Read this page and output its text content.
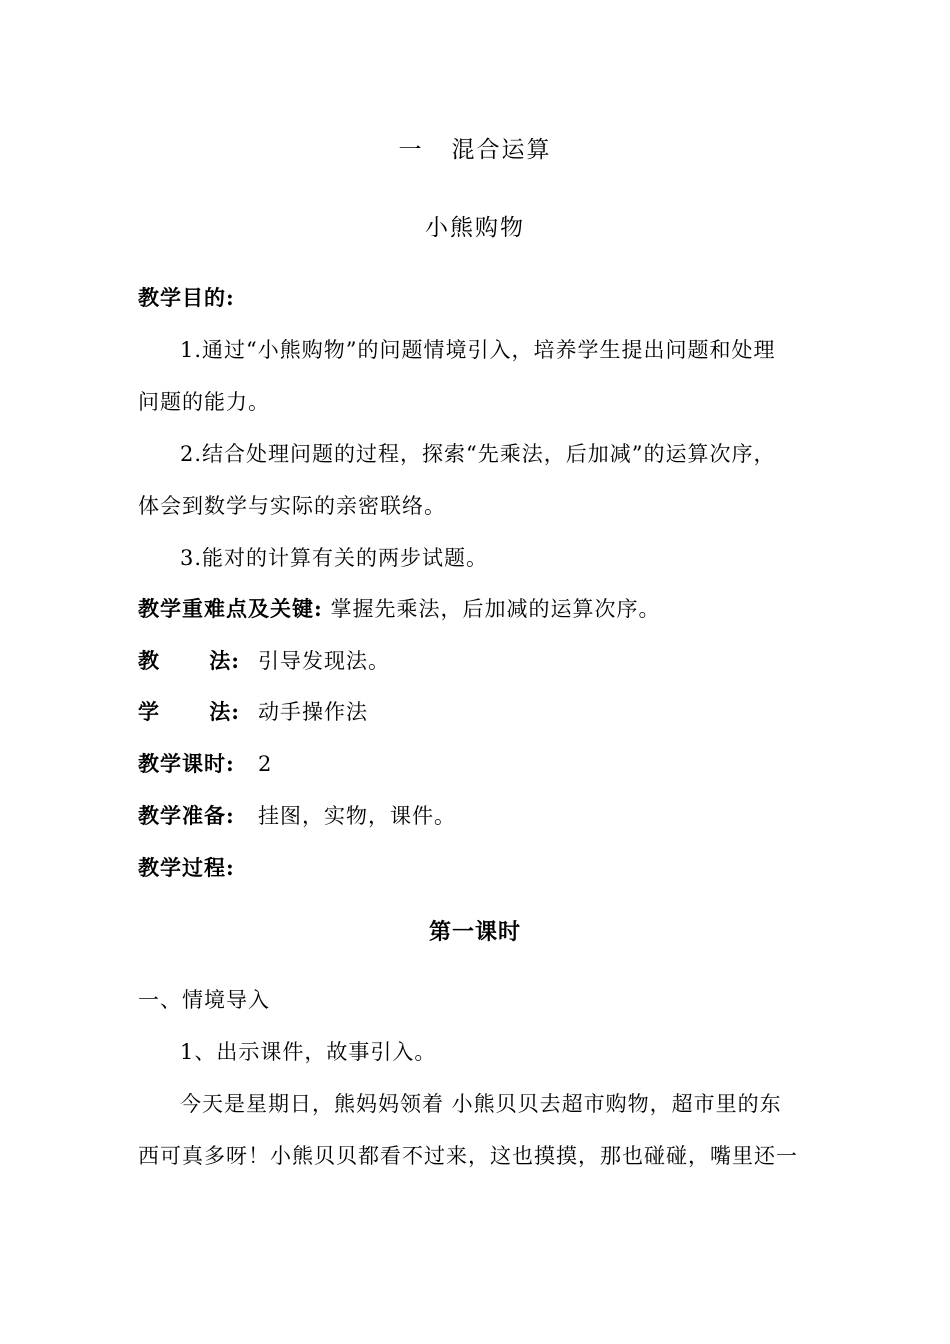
一 混合运算
小熊购物
教学目的:
1.通过“小熊购物”的问题情境引入，培养学生提出问题和处理
问题的能力。
2.结合处理问题的过程，探索“先乘法，后加减”的运算次序，
体会到数学与实际的亲密联络。
3.能对的计算有关的两步试题。
教学重难点及关键: 掌握先乘法，后加减的运算次序。
教 法: 引导发现法。
学 法: 动手操作法
教学课时: 2
教学准备: 挂图，实物，课件。
教学过程:
第一课时
一、情境导入
1、出示课件，故事引入。
今天是星期日，熊妈妈领着 小熊贝贝去超市购物，超市里的东
西可真多呀！小熊贝贝都看不过来，这也摸摸，那也碰碰，嘴里还一
